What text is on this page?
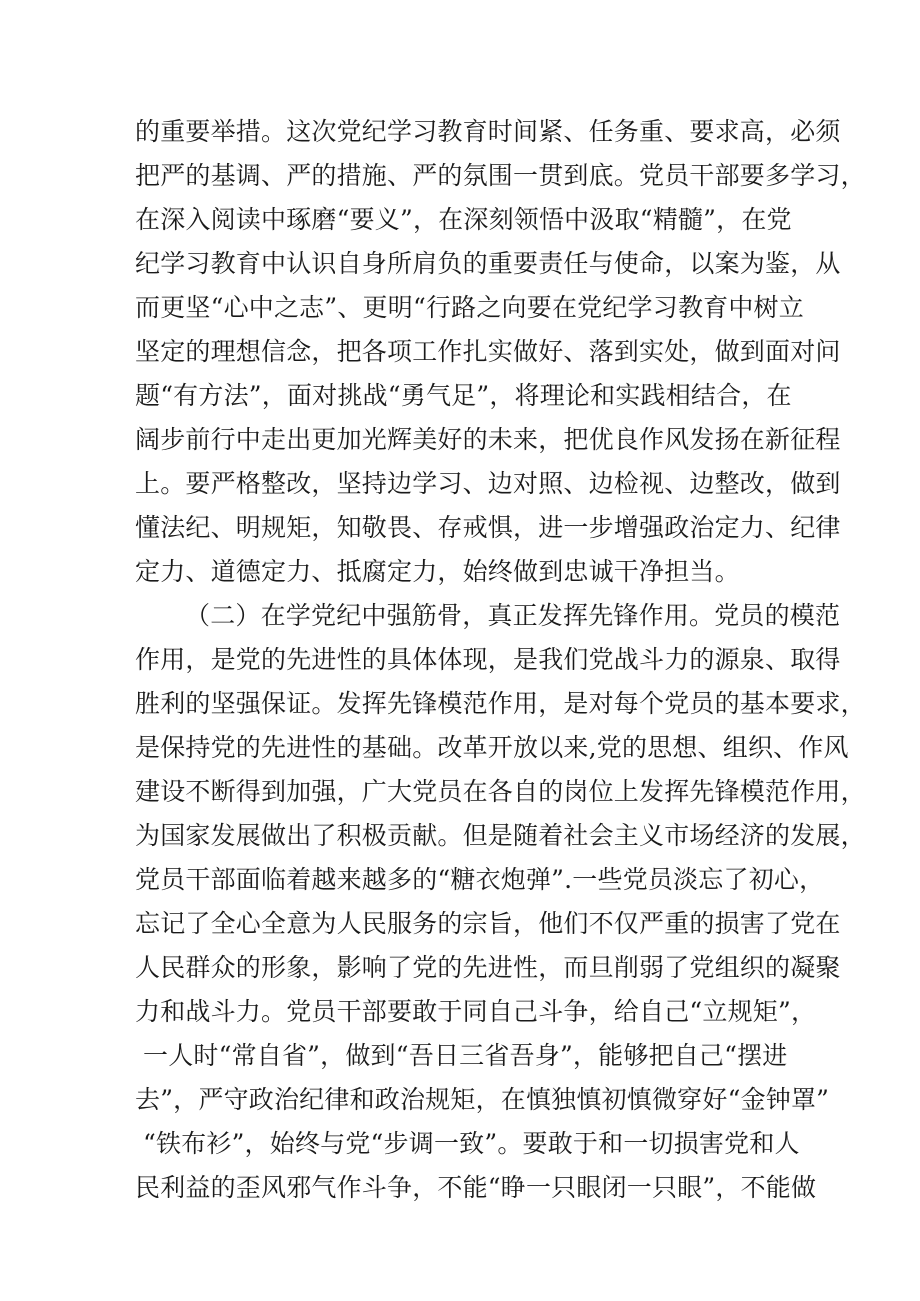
的重要举措。这次党纪学习教育时间紧、任务重、要求高，必须
把严的基调、严的措施、严的氛围一贯到底。党员干部要多学习，
在深入阅读中琢磨“要义”，在深刻领悟中汲取“精髓”，在党
纪学习教育中认识自身所肩负的重要责任与使命，以案为鉴，从
而更坚“心中之志”、更明“行路之向要在党纪学习教育中树立
坚定的理想信念，把各项工作扎实做好、落到实处，做到面对问
题“有方法”，面对挑战“勇气足”，将理论和实践相结合，在
阔步前行中走出更加光辉美好的未来，把优良作风发扬在新征程
上。要严格整改，坚持边学习、边对照、边检视、边整改，做到
懂法纪、明规矩，知敬畏、存戒惧，进一步增强政治定力、纪律
定力、道德定力、抵腐定力，始终做到忠诚干净担当。
（二）在学党纪中强筋骨，真正发挥先锋作用。党员的模范
作用，是党的先进性的具体体现，是我们党战斗力的源泉、取得
胜利的坚强保证。发挥先锋模范作用，是对每个党员的基本要求，
是保持党的先进性的基础。改革开放以来,党的思想、组织、作风
建设不断得到加强，广大党员在各自的岗位上发挥先锋模范作用，
为国家发展做出了积极贡献。但是随着社会主义市场经济的发展，
党员干部面临着越来越多的“糖衣炮弹”.一些党员淡忘了初心，
忘记了全心全意为人民服务的宗旨，他们不仅严重的损害了党在
人民群众的形象，影响了党的先进性，而旦削弱了党组织的凝聚
力和战斗力。党员干部要敢于同自己斗争，给自己“立规矩”，
一人时“常自省”，做到“吾日三省吾身”，能够把自己“摆进
去”，严守政治纪律和政治规矩，在慎独慎初慎微穿好“金钟罩”
“铁布衫”，始终与党“步调一致”。要敢于和一切损害党和人
民利益的歪风邪气作斗争，不能“睁一只眼闭一只眼”，不能做
